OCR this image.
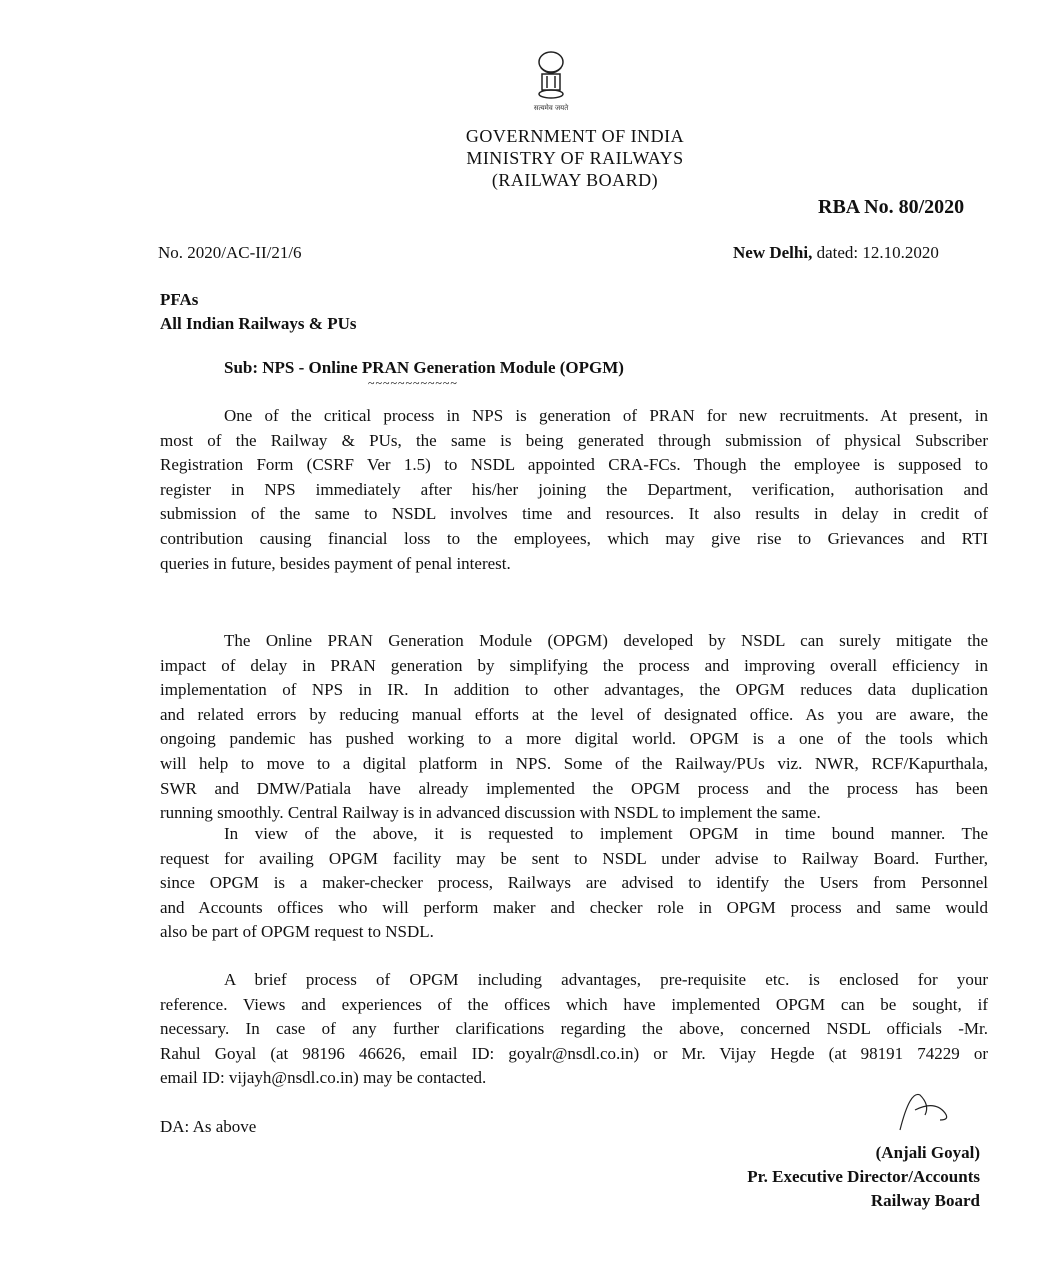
सत्यमेव जयते
GOVERNMENT OF INDIA
MINISTRY OF RAILWAYS
(RAILWAY BOARD)
RBA No. 80/2020
No. 2020/AC-II/21/6	New Delhi, dated: 12.10.2020
PFAs
All Indian Railways & PUs
Sub: NPS - Online PRAN Generation Module (OPGM)
~~~~~~~~~~~~
One of the critical process in NPS is generation of PRAN for new recruitments. At present, in
most of the Railway & PUs, the same is being generated through submission of physical Subscriber
Registration Form (CSRF Ver 1.5) to NSDL appointed CRA-FCs. Though the employee is supposed to
register in NPS immediately after his/her joining the Department, verification, authorisation and
submission of the same to NSDL involves time and resources. It also results in delay in credit of
contribution causing financial loss to the employees, which may give rise to Grievances and RTI
queries in future, besides payment of penal interest.
The Online PRAN Generation Module (OPGM) developed by NSDL can surely mitigate the
impact of delay in PRAN generation by simplifying the process and improving overall efficiency in
implementation of NPS in IR. In addition to other advantages, the OPGM reduces data duplication
and related errors by reducing manual efforts at the level of designated office. As you are aware, the
ongoing pandemic has pushed working to a more digital world. OPGM is a one of the tools which
will help to move to a digital platform in NPS. Some of the Railway/PUs viz. NWR, RCF/Kapurthala,
SWR and DMW/Patiala have already implemented the OPGM process and the process has been
running smoothly. Central Railway is in advanced discussion with NSDL to implement the same.
In view of the above, it is requested to implement OPGM in time bound manner. The
request for availing OPGM facility may be sent to NSDL under advise to Railway Board. Further,
since OPGM is a maker-checker process, Railways are advised to identify the Users from Personnel
and Accounts offices who will perform maker and checker role in OPGM process and same would
also be part of OPGM request to NSDL.
A brief process of OPGM including advantages, pre-requisite etc. is enclosed for your
reference. Views and experiences of the offices which have implemented OPGM can be sought, if
necessary. In case of any further clarifications regarding the above, concerned NSDL officials -Mr.
Rahul Goyal (at 98196 46626, email ID: goyalr@nsdl.co.in) or Mr. Vijay Hegde (at 98191 74229 or
email ID: vijayh@nsdl.co.in) may be contacted.
DA: As above
(Anjali Goyal)
Pr. Executive Director/Accounts
Railway Board
